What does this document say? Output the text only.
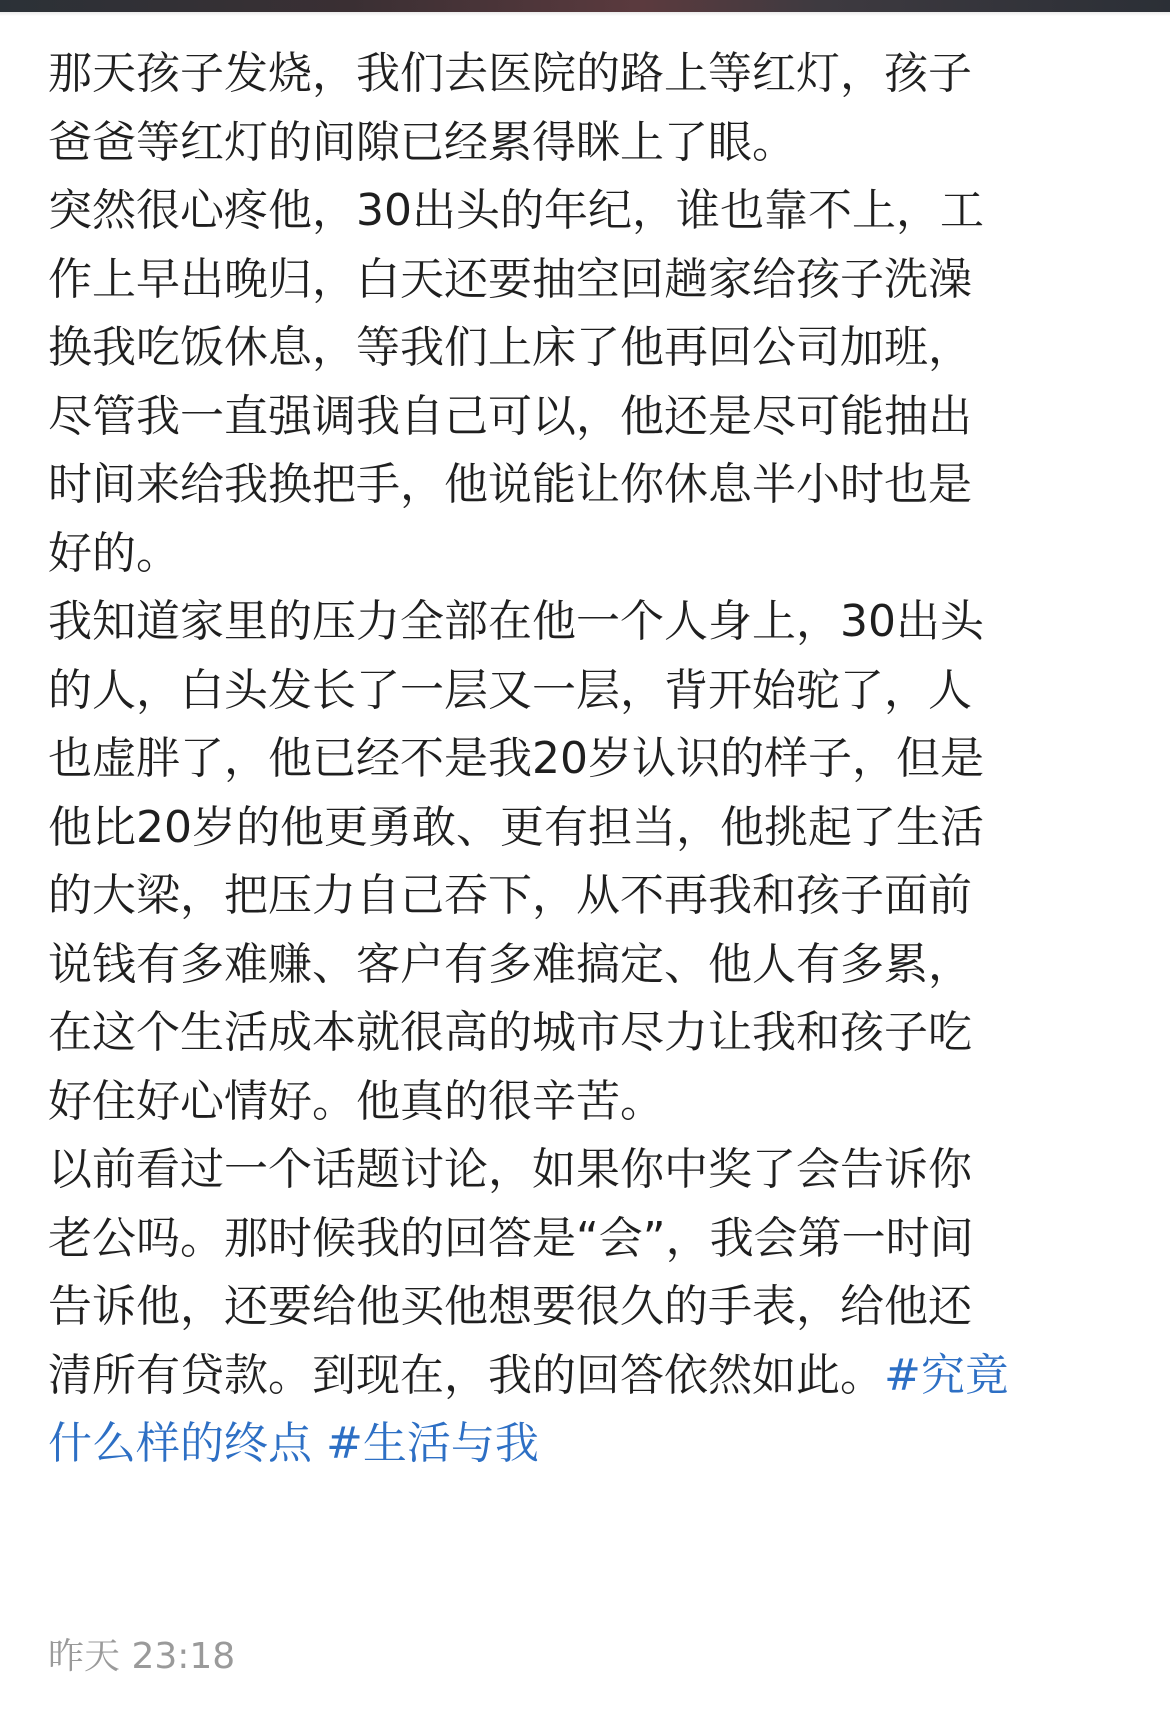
那天孩子发烧，我们去医院的路上等红灯，孩子
爸爸等红灯的间隙已经累得眯上了眼。
突然很心疼他，30出头的年纪，谁也靠不上，工
作上早出晚归，白天还要抽空回趟家给孩子洗澡
换我吃饭休息，等我们上床了他再回公司加班，
尽管我一直强调我自己可以，他还是尽可能抽出
时间来给我换把手，他说能让你休息半小时也是
好的。
我知道家里的压力全部在他一个人身上，30出头
的人，白头发长了一层又一层，背开始驼了，人
也虚胖了，他已经不是我20岁认识的样子，但是
他比20岁的他更勇敢、更有担当，他挑起了生活
的大梁，把压力自己吞下，从不再我和孩子面前
说钱有多难赚、客户有多难搞定、他人有多累，
在这个生活成本就很高的城市尽力让我和孩子吃
好住好心情好。他真的很辛苦。
以前看过一个话题讨论，如果你中奖了会告诉你
老公吗。那时候我的回答是“会”，我会第一时间
告诉他，还要给他买他想要很久的手表，给他还
清所有贷款。到现在，我的回答依然如此。#究竟
什么样的终点 #生活与我
昨天 23:18
